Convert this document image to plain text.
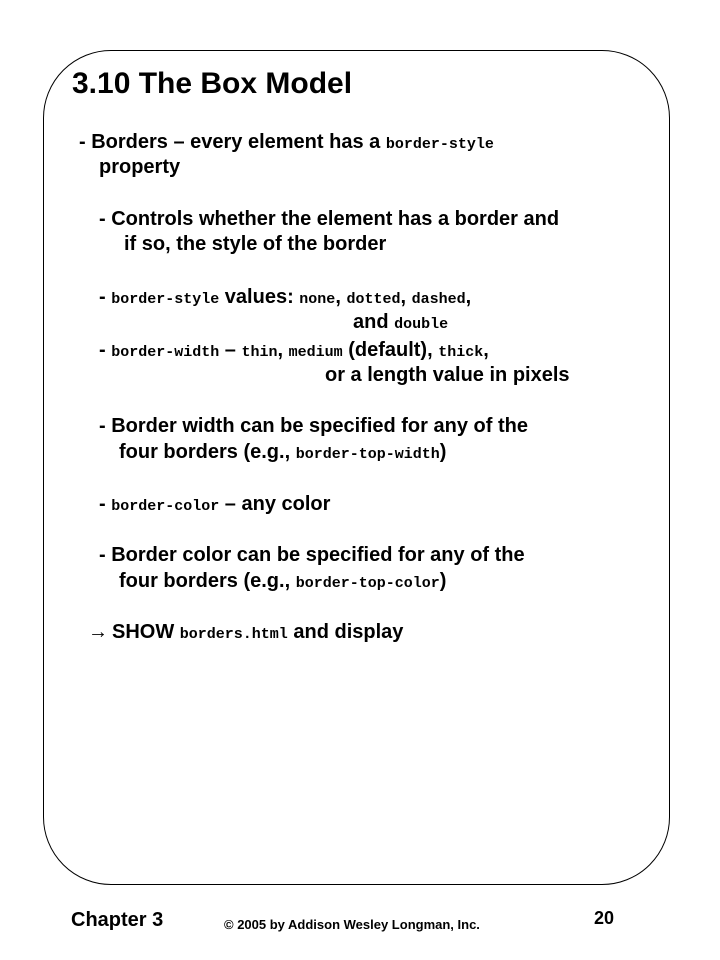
3.10 The Box Model

- Borders – every element has a border-style

property

- Controls whether the element has a border and

if so, the style of the border

- border-style values: none, dotted, dashed,

and double

- border-width – thin, medium (default), thick,

or a length value in pixels

- Border width can be specified for any of the

four borders (e.g., border-top-width)

- border-color – any color

- Border color can be specified for any of the

four borders (e.g., border-top-color)

→ SHOW borders.html and display

Chapter 3	© 2005 by Addison Wesley Longman, Inc.	20
